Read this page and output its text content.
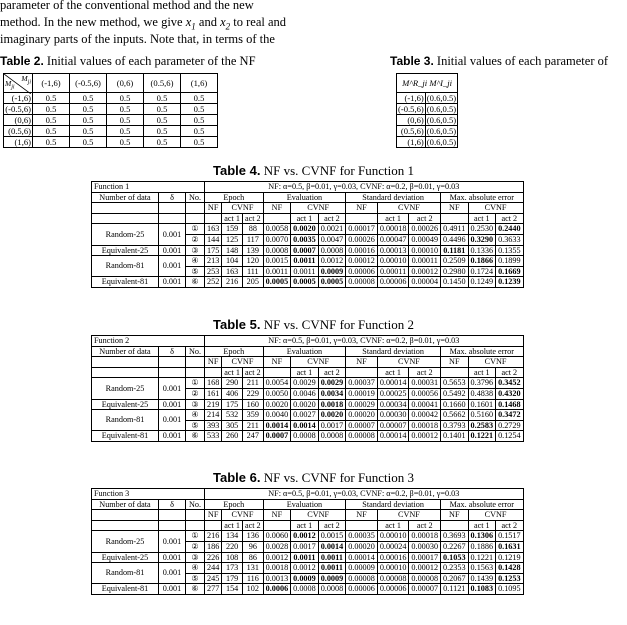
parameter of the conventional method and the new

method. In the new method, we give $x_1$ and $x_2$ to real and

imaginary parts of the inputs. Note that, in terms of the

Table 2. Initial values of each parameter of the NF
$M_{ji}$
$M_{ji}$	(-1,6)	(-0.5,6)	(0,6)	(0.5,6)	(1,6)
(-1,6)	0.5	0.5	0.5	0.5	0.5
(-0.5,6)	0.5	0.5	0.5	0.5	0.5
(0,6)	0.5	0.5	0.5	0.5	0.5
(0.5,6)	0.5	0.5	0.5	0.5	0.5
(1,6)	0.5	0.5	0.5	0.5	0.5
Table 3. Initial values of each parameter of
M^R_ji M^I_ji	
(-1,6)	(0.6,0.5)
(-0.5,6)	(0.6,0.5)
(0,6)	(0.6,0.5)
(0.5,6)	(0.6,0.5)
(1,6)	(0.6,0.5)
Table 4. NF vs. CVNF for Function 1
Function 1			NF: α=0.5, β=0.01, γ=0.03, CVNF: α=0.2, β=0.01, γ=0.03											
Number of data	δ	No.	Epoch			Evaluation			Standard deviation			Max. absolute error		
			NF	CVNF		NF	CVNF		NF	CVNF		NF	CVNF	
				act 1	act 2		act 1	act 2		act 1	act 2		act 1	act 2
Random-25	0.001	①	163	159	88	0.0058	0.0020	0.0021	0.00017	0.00018	0.00026	0.4911	0.2530	0.2440
		②	144	125	117	0.0070	0.0035	0.0047	0.00026	0.00047	0.00049	0.4496	0.3290	0.3633
Equivalent-25	0.001	③	175	148	139	0.0008	0.0007	0.0008	0.00016	0.00013	0.00010	0.1181	0.1336	0.1355
Random-81	0.001	④	213	104	120	0.0015	0.0011	0.0012	0.00012	0.00010	0.00011	0.2509	0.1866	0.1899
		⑤	253	163	111	0.0011	0.0011	0.0009	0.00006	0.00011	0.00012	0.2980	0.1724	0.1669
Equivalent-81	0.001	⑥	252	216	205	0.0005	0.0005	0.0005	0.00008	0.00006	0.00004	0.1450	0.1249	0.1239
Table 5. NF vs. CVNF for Function 2
Function 2			NF: α=0.5, β=0.01, γ=0.03, CVNF: α=0.2, β=0.01, γ=0.03											
Number of data	δ	No.	Epoch			Evaluation			Standard deviation			Max. absolute error		
			NF	CVNF		NF	CVNF		NF	CVNF		NF	CVNF	
				act 1	act 2		act 1	act 2		act 1	act 2		act 1	act 2
Random-25	0.001	①	168	290	211	0.0054	0.0029	0.0029	0.00037	0.00014	0.00031	0.5653	0.3796	0.3452
		②	161	406	229	0.0050	0.0046	0.0034	0.00019	0.00025	0.00056	0.5492	0.4838	0.4320
Equivalent-25	0.001	③	219	175	160	0.0020	0.0020	0.0018	0.00029	0.00034	0.00041	0.1660	0.1601	0.1468
Random-81	0.001	④	214	532	359	0.0040	0.0027	0.0020	0.00020	0.00030	0.00042	0.5662	0.5160	0.3472
		⑤	393	305	211	0.0014	0.0014	0.0017	0.00007	0.00007	0.00018	0.3793	0.2583	0.2729
Equivalent-81	0.001	⑥	533	260	247	0.0007	0.0008	0.0008	0.00008	0.00014	0.00012	0.1401	0.1221	0.1254
Table 6. NF vs. CVNF for Function 3
Function 3			NF: α=0.5, β=0.01, γ=0.03, CVNF: α=0.2, β=0.01, γ=0.03											
Number of data	δ	No.	Epoch			Evaluation			Standard deviation			Max. absolute error		
			NF	CVNF		NF	CVNF		NF	CVNF		NF	CVNF	
				act 1	act 2		act 1	act 2		act 1	act 2		act 1	act 2
Random-25	0.001	①	216	134	136	0.0060	0.0012	0.0015	0.00035	0.00010	0.00018	0.3693	0.1306	0.1517
		②	186	220	96	0.0028	0.0017	0.0014	0.00020	0.00024	0.00030	0.2267	0.1886	0.1631
Equivalent-25	0.001	③	226	108	86	0.0012	0.0011	0.0011	0.00014	0.00016	0.00017	0.1053	0.1221	0.1219
Random-81	0.001	④	244	173	131	0.0018	0.0012	0.0011	0.00009	0.00010	0.00012	0.2353	0.1563	0.1428
		⑤	245	179	116	0.0013	0.0009	0.0009	0.00008	0.00008	0.00008	0.2067	0.1439	0.1253
Equivalent-81	0.001	⑥	277	154	102	0.0006	0.0008	0.0008	0.00006	0.00006	0.00007	0.1121	0.1083	0.1095
